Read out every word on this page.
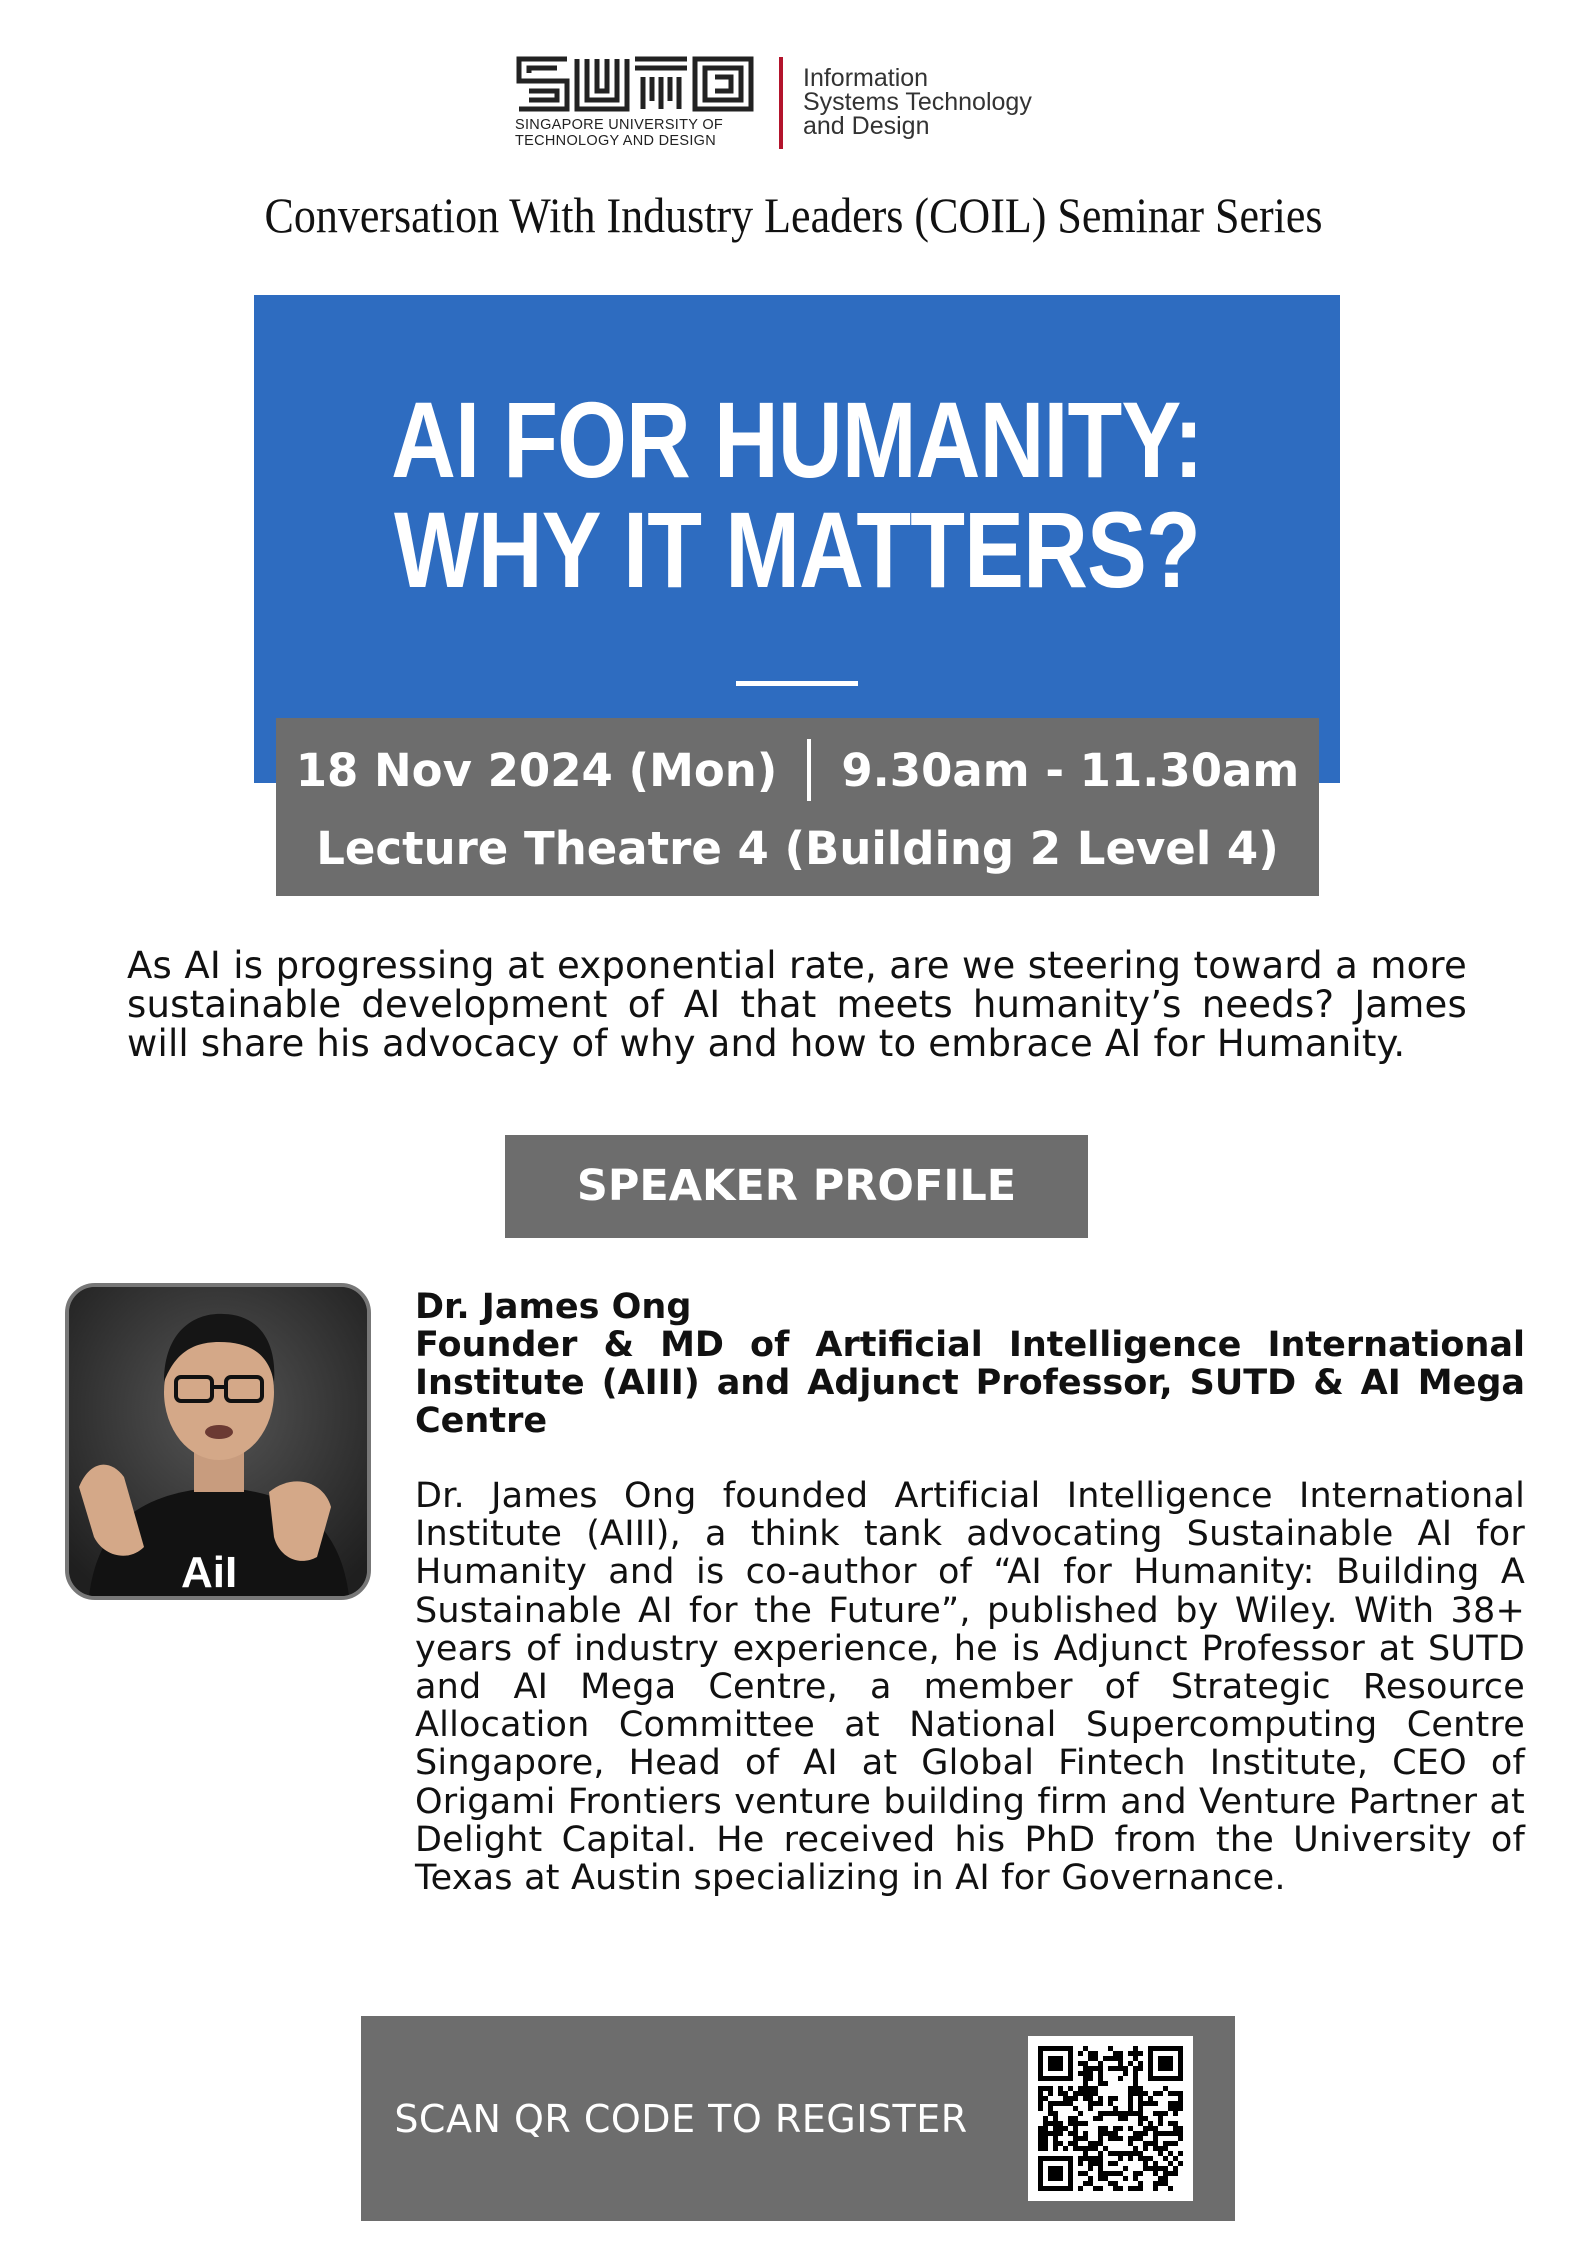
SINGAPORE UNIVERSITY OF
TECHNOLOGY AND DESIGN
Information
Systems Technology
and Design
Conversation With Industry Leaders (COIL) Seminar Series
AI FOR HUMANITY:
WHY IT MATTERS?
18 Nov 2024 (Mon) 9.30am - 11.30am
Lecture Theatre 4 (Building 2 Level 4)
As AI is progressing at exponential rate, are we steering toward a more sustainable development of AI that meets humanity’s needs? James will share his advocacy of why and how to embrace AI for Humanity.
SPEAKER PROFILE
AiI
Dr. James Ong
Founder & MD of Artificial Intelligence International Institute (AIII) and Adjunct Professor, SUTD & AI Mega Centre
Dr. James Ong founded Artificial Intelligence International Institute (AIII), a think tank advocating Sustainable AI for Humanity and is co-author of “AI for Humanity: Building A Sustainable AI for the Future”, published by Wiley. With 38+ years of industry experience, he is Adjunct Professor at SUTD and AI Mega Centre, a member of Strategic Resource Allocation Committee at National Supercomputing Centre Singapore, Head of AI at Global Fintech Institute, CEO of Origami Frontiers venture building firm and Venture Partner at Delight Capital. He received his PhD from the University of Texas at Austin specializing in AI for Governance.
SCAN QR CODE TO REGISTER
